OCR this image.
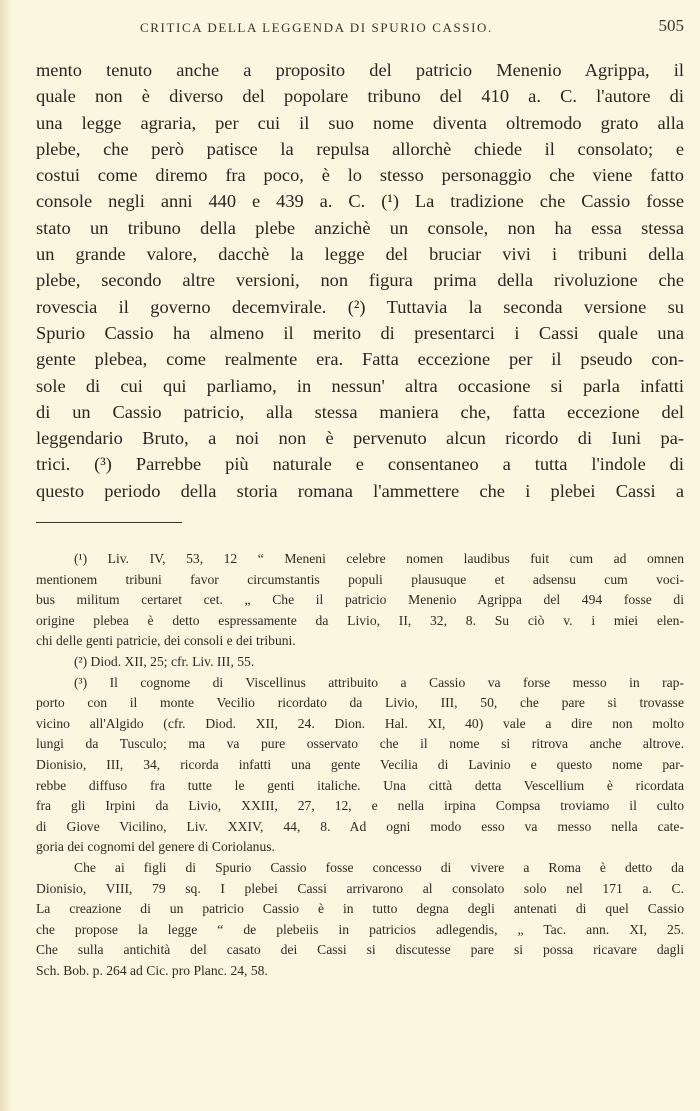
CRITICA DELLA LEGGENDA DI SPURIO CASSIO.	505
mento tenuto anche a proposito del patricio Menenio Agrippa, il
quale non è diverso del popolare tribuno del 410 a. C. l'autore di
una legge agraria, per cui il suo nome diventa oltremodo grato alla
plebe, che però patisce la repulsa allorchè chiede il consolato; e
costui come diremo fra poco, è lo stesso personaggio che viene fatto
console negli anni 440 e 439 a. C. (¹) La tradizione che Cassio fosse
stato un tribuno della plebe anzichè un console, non ha essa stessa
un grande valore, dacchè la legge del bruciar vivi i tribuni della
plebe, secondo altre versioni, non figura prima della rivoluzione che
rovescia il governo decemvirale. (²) Tuttavia la seconda versione su
Spurio Cassio ha almeno il merito di presentarci i Cassi quale una
gente plebea, come realmente era. Fatta eccezione per il pseudo con-
sole di cui qui parliamo, in nessun' altra occasione si parla infatti
di un Cassio patricio, alla stessa maniera che, fatta eccezione del
leggendario Bruto, a noi non è pervenuto alcun ricordo di Iuni pa-
trici. (³) Parrebbe più naturale e consentaneo a tutta l'indole di
questo periodo della storia romana l'ammettere che i plebei Cassi a
(¹) Liv. IV, 53, 12 “ Meneni celebre nomen laudibus fuit cum ad omnen
mentionem tribuni favor circumstantis populi plausuque et adsensu cum voci-
bus militum certaret cet. „ Che il patricio Menenio Agrippa del 494 fosse di
origine plebea è detto espressamente da Livio, II, 32, 8. Su ciò v. i miei elen-
chi delle genti patricie, dei consoli e dei tribuni.
(²) Diod. XII, 25; cfr. Liv. III, 55.
(³) Il cognome di Viscellinus attribuito a Cassio va forse messo in rap-
porto con il monte Vecilio ricordato da Livio, III, 50, che pare si trovasse
vicino all'Algido (cfr. Diod. XII, 24. Dion. Hal. XI, 40) vale a dire non molto
lungi da Tusculo; ma va pure osservato che il nome si ritrova anche altrove.
Dionisio, III, 34, ricorda infatti una gente Vecilia di Lavinio e questo nome par-
rebbe diffuso fra tutte le genti italiche. Una città detta Vescellium è ricordata
fra gli Irpini da Livio, XXIII, 27, 12, e nella irpina Compsa troviamo il culto
di Giove Vicilino, Liv. XXIV, 44, 8. Ad ogni modo esso va messo nella cate-
goria dei cognomi del genere di Coriolanus.
Che ai figli di Spurio Cassio fosse concesso di vivere a Roma è detto da
Dionisio, VIII, 79 sq. I plebei Cassi arrivarono al consolato solo nel 171 a. C.
La creazione di un patricio Cassio è in tutto degna degli antenati di quel Cassio
che propose la legge “ de plebeiis in patricios adlegendis, „ Tac. ann. XI, 25.
Che sulla antichità del casato dei Cassi si discutesse pare si possa ricavare dagli
Sch. Bob. p. 264 ad Cic. pro Planc. 24, 58.
